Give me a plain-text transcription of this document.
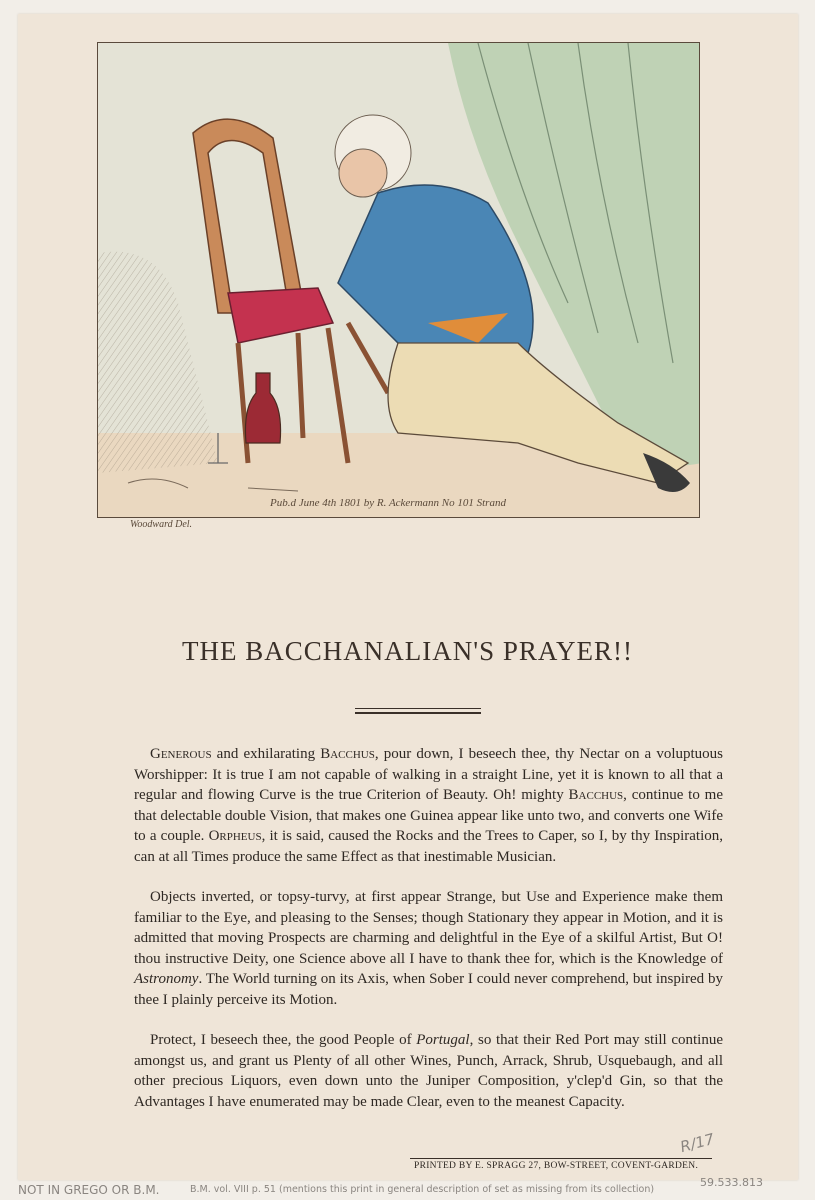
Pub.d June 4th 1801 by R. Ackermann No 101 Strand
Woodward Del.
THE BACCHANALIAN'S PRAYER!!

Generous and exhilarating Bacchus, pour down, I beseech thee, thy Nectar on a voluptuous Worshipper: It is true I am not capable of walking in a straight Line, yet it is known to all that a regular and flowing Curve is the true Criterion of Beauty. Oh! mighty Bacchus, continue to me that delectable double Vision, that makes one Guinea appear like unto two, and converts one Wife to a couple. Orpheus, it is said, caused the Rocks and the Trees to Caper, so I, by thy Inspiration, can at all Times produce the same Effect as that inestimable Musician.

Objects inverted, or topsy-turvy, at first appear Strange, but Use and Experience make them familiar to the Eye, and pleasing to the Senses; though Stationary they appear in Motion, and it is admitted that moving Prospects are charming and delightful in the Eye of a skilful Artist, But O! thou instructive Deity, one Science above all I have to thank thee for, which is the Knowledge of Astronomy. The World turning on its Axis, when Sober I could never comprehend, but inspired by thee I plainly perceive its Motion.

Protect, I beseech thee, the good People of Portugal, so that their Red Port may still continue amongst us, and grant us Plenty of all other Wines, Punch, Arrack, Shrub, Usquebaugh, and all other precious Liquors, even down unto the Juniper Composition, y'clep'd Gin, so that the Advantages I have enumerated may be made Clear, even to the meanest Capacity.

R/17
PRINTED BY E. SPRAGG 27, BOW-STREET, COVENT-GARDEN.
NOT IN GREGO OR B.M.	B.M. vol. VIII p. 51 (mentions this print in general description of set as missing from its collection)
59.533.813
